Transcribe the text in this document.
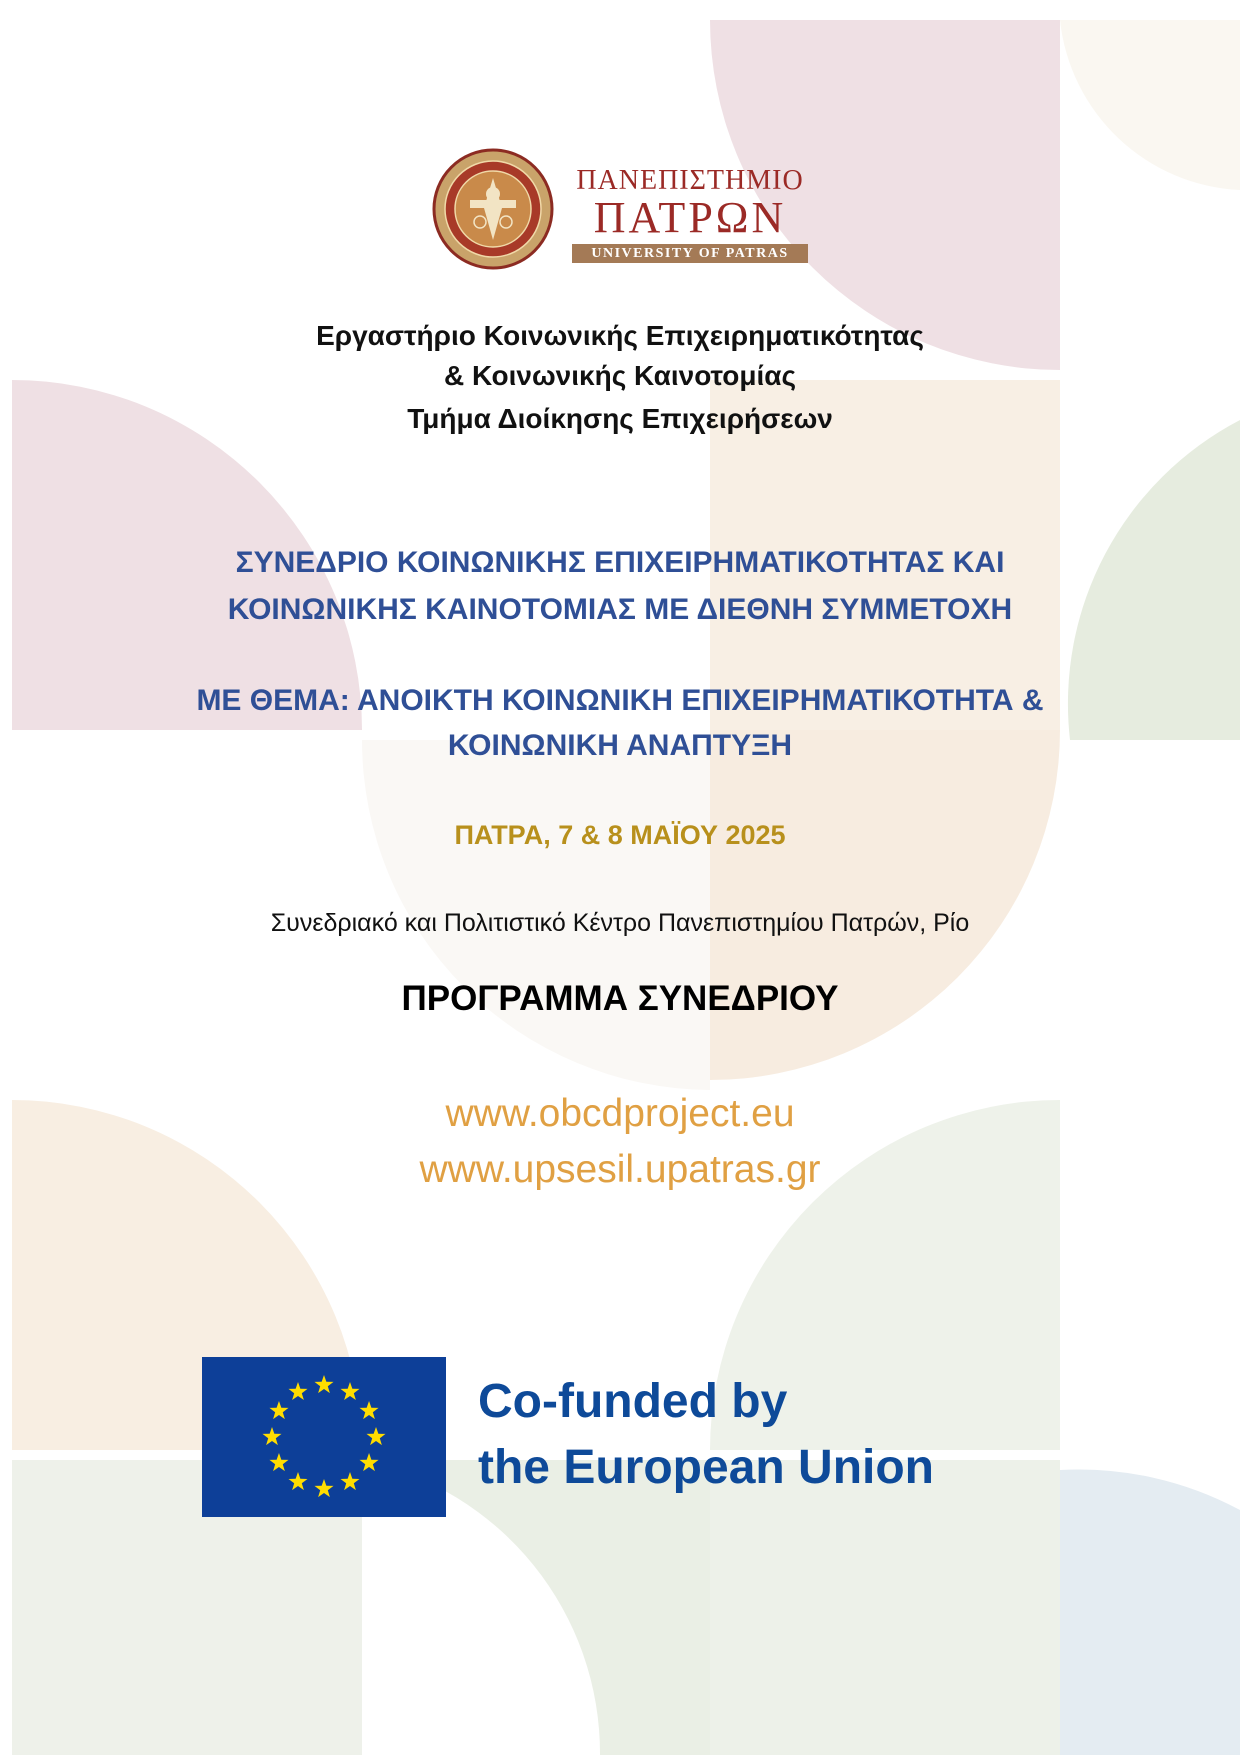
ΠΑΝΕΠΙΣΤΗΜΙΟ
ΠΑΤΡΩΝ
UNIVERSITY OF PATRAS
Εργαστήριο Κοινωνικής Επιχειρηματικότητας
& Κοινωνικής Καινοτομίας
Τμήμα Διοίκησης Επιχειρήσεων
ΣΥΝΕΔΡΙΟ ΚΟΙΝΩΝΙΚΗΣ ΕΠΙΧΕΙΡΗΜΑΤΙΚΟΤΗΤΑΣ ΚΑΙ
ΚΟΙΝΩΝΙΚΗΣ ΚΑΙΝΟΤΟΜΙΑΣ ΜΕ ΔΙΕΘΝΗ ΣΥΜΜΕΤΟΧΗ
ΜΕ ΘΕΜΑ: ΑΝΟΙΚΤΗ ΚΟΙΝΩΝΙΚΗ ΕΠΙΧΕΙΡΗΜΑΤΙΚΟΤΗΤΑ &
ΚΟΙΝΩΝΙΚΗ ΑΝΑΠΤΥΞΗ
ΠΑΤΡΑ, 7 & 8 ΜΑΪΟΥ 2025
Συνεδριακό και Πολιτιστικό Κέντρο Πανεπιστημίου Πατρών, Ρίο
ΠΡΟΓΡΑΜΜΑ ΣΥΝΕΔΡΙΟΥ
www.obcdproject.eu
www.upsesil.upatras.gr
Co-funded by
the European Union
